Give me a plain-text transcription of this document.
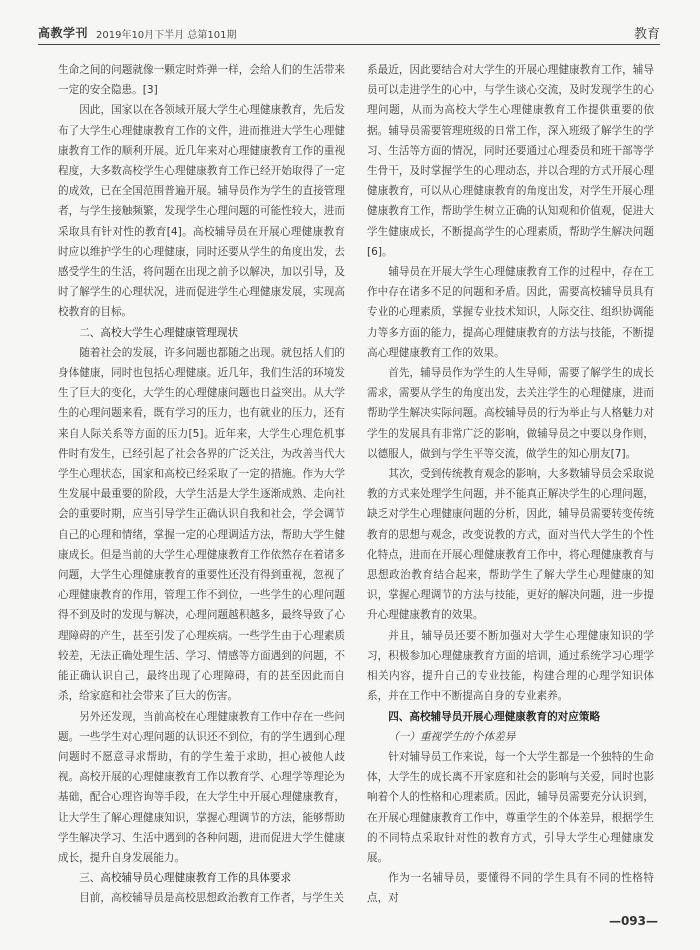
高教学刊 2019年10月下半月 总第101期	教育

生命之间的问题就像一颗定时炸弹一样，会给人们的生活带来一定的安全隐患。[3]

因此，国家以在各领域开展大学生心理健康教育，先后发布了大学生心理健康教育工作的文件，进而推进大学生心理健康教育工作的顺利开展。近几年来对心理健康教育工作的重视程度，大多数高校学生心理健康教育工作已经开始取得了一定的成效，已在全国范围普遍开展。辅导员作为学生的直接管理者，与学生接触频繁，发现学生心理问题的可能性较大，进而采取具有针对性的教育[4]。高校辅导员在开展心理健康教育时应以维护学生的心理健康，同时还要从学生的角度出发，去感受学生的生活，将问题在出现之前予以解决，加以引导，及时了解学生的心理状况，进而促进学生心理健康发展，实现高校教育的目标。

二、高校大学生心理健康管理现状

随着社会的发展，许多问题也都随之出现。就包括人们的身体健康，同时也包括心理健康。近几年，我们生活的环境发生了巨大的变化，大学生的心理健康问题也日益突出。从大学生的心理问题来看，既有学习的压力，也有就业的压力，还有来自人际关系等方面的压力[5]。近年来，大学生心理危机事件时有发生，已经引起了社会各界的广泛关注，为改善当代大学生心理状态，国家和高校已经采取了一定的措施。作为大学生发展中最重要的阶段，大学生活是大学生逐渐成熟、走向社会的重要时期，应当引导学生正确认识自我和社会，学会调节自己的心理和情绪，掌握一定的心理调适方法，帮助大学生健康成长。但是当前的大学生心理健康教育工作依然存在着诸多问题，大学生心理健康教育的重要性还没有得到重视，忽视了心理健康教育的作用，管理工作不到位，一些学生的心理问题得不到及时的发现与解决，心理问题越积越多，最终导致了心理障碍的产生，甚至引发了心理疾病。一些学生由于心理素质较差，无法正确处理生活、学习、情感等方面遇到的问题，不能正确认识自己，最终出现了心理障碍，有的甚至因此而自杀，给家庭和社会带来了巨大的伤害。

另外还发现，当前高校在心理健康教育工作中存在一些问题。一些学生对心理问题的认识还不到位，有的学生遇到心理问题时不愿意寻求帮助，有的学生羞于求助，担心被他人歧视。高校开展的心理健康教育工作以教育学、心理学等理论为基础，配合心理咨询等手段，在大学生中开展心理健康教育，让大学生了解心理健康知识，掌握心理调节的方法，能够帮助学生解决学习、生活中遇到的各种问题，进而促进大学生健康成长，提升自身发展能力。

三、高校辅导员心理健康教育工作的具体要求

目前，高校辅导员是高校思想政治教育工作者，与学生关

系最近，因此要结合对大学生的开展心理健康教育工作，辅导员可以走进学生的心中，与学生谈心交流，及时发现学生的心理问题，从而为高校大学生心理健康教育工作提供重要的依据。辅导员需要管理班级的日常工作，深入班级了解学生的学习、生活等方面的情况，同时还要通过心理委员和班干部等学生骨干，及时掌握学生的心理动态，并以合理的方式开展心理健康教育，可以从心理健康教育的角度出发，对学生开展心理健康教育工作，帮助学生树立正确的认知观和价值观，促进大学生健康成长，不断提高学生的心理素质，帮助学生解决问题[6]。

辅导员在开展大学生心理健康教育工作的过程中，存在工作中存在诸多不足的问题和矛盾。因此，需要高校辅导员具有专业的心理素质，掌握专业技术知识，人际交往、组织协调能力等多方面的能力，提高心理健康教育的方法与技能，不断提高心理健康教育工作的效果。

首先，辅导员作为学生的人生导师，需要了解学生的成长需求，需要从学生的角度出发，去关注学生的心理健康，进而帮助学生解决实际问题。高校辅导员的行为举止与人格魅力对学生的发展具有非常广泛的影响，做辅导员之中要以身作则，以德服人，做到与学生平等交流，做学生的知心朋友[7]。

其次，受到传统教育观念的影响，大多数辅导员会采取说教的方式来处理学生问题，并不能真正解决学生的心理问题，缺乏对学生心理健康问题的分析，因此，辅导员需要转变传统教育的思想与观念，改变说教的方式，面对当代大学生的个性化特点，进而在开展心理健康教育工作中，将心理健康教育与思想政治教育结合起来，帮助学生了解大学生心理健康的知识，掌握心理调节的方法与技能，更好的解决问题，进一步提升心理健康教育的效果。

并且，辅导员还要不断加强对大学生心理健康知识的学习，积极参加心理健康教育方面的培训，通过系统学习心理学相关内容，提升自己的专业技能，构建合理的心理学知识体系，并在工作中不断提高自身的专业素养。

四、高校辅导员开展心理健康教育的对应策略
（一）重视学生的个体差异

针对辅导员工作来说，每一个大学生都是一个独特的生命体，大学生的成长离不开家庭和社会的影响与关爱，同时也影响着个人的性格和心理素质。因此，辅导员需要充分认识到，在开展心理健康教育工作中，尊重学生的个体差异，根据学生的不同特点采取针对性的教育方式，引导大学生心理健康发展。

作为一名辅导员，要懂得不同的学生具有不同的性格特点，对

—093—
